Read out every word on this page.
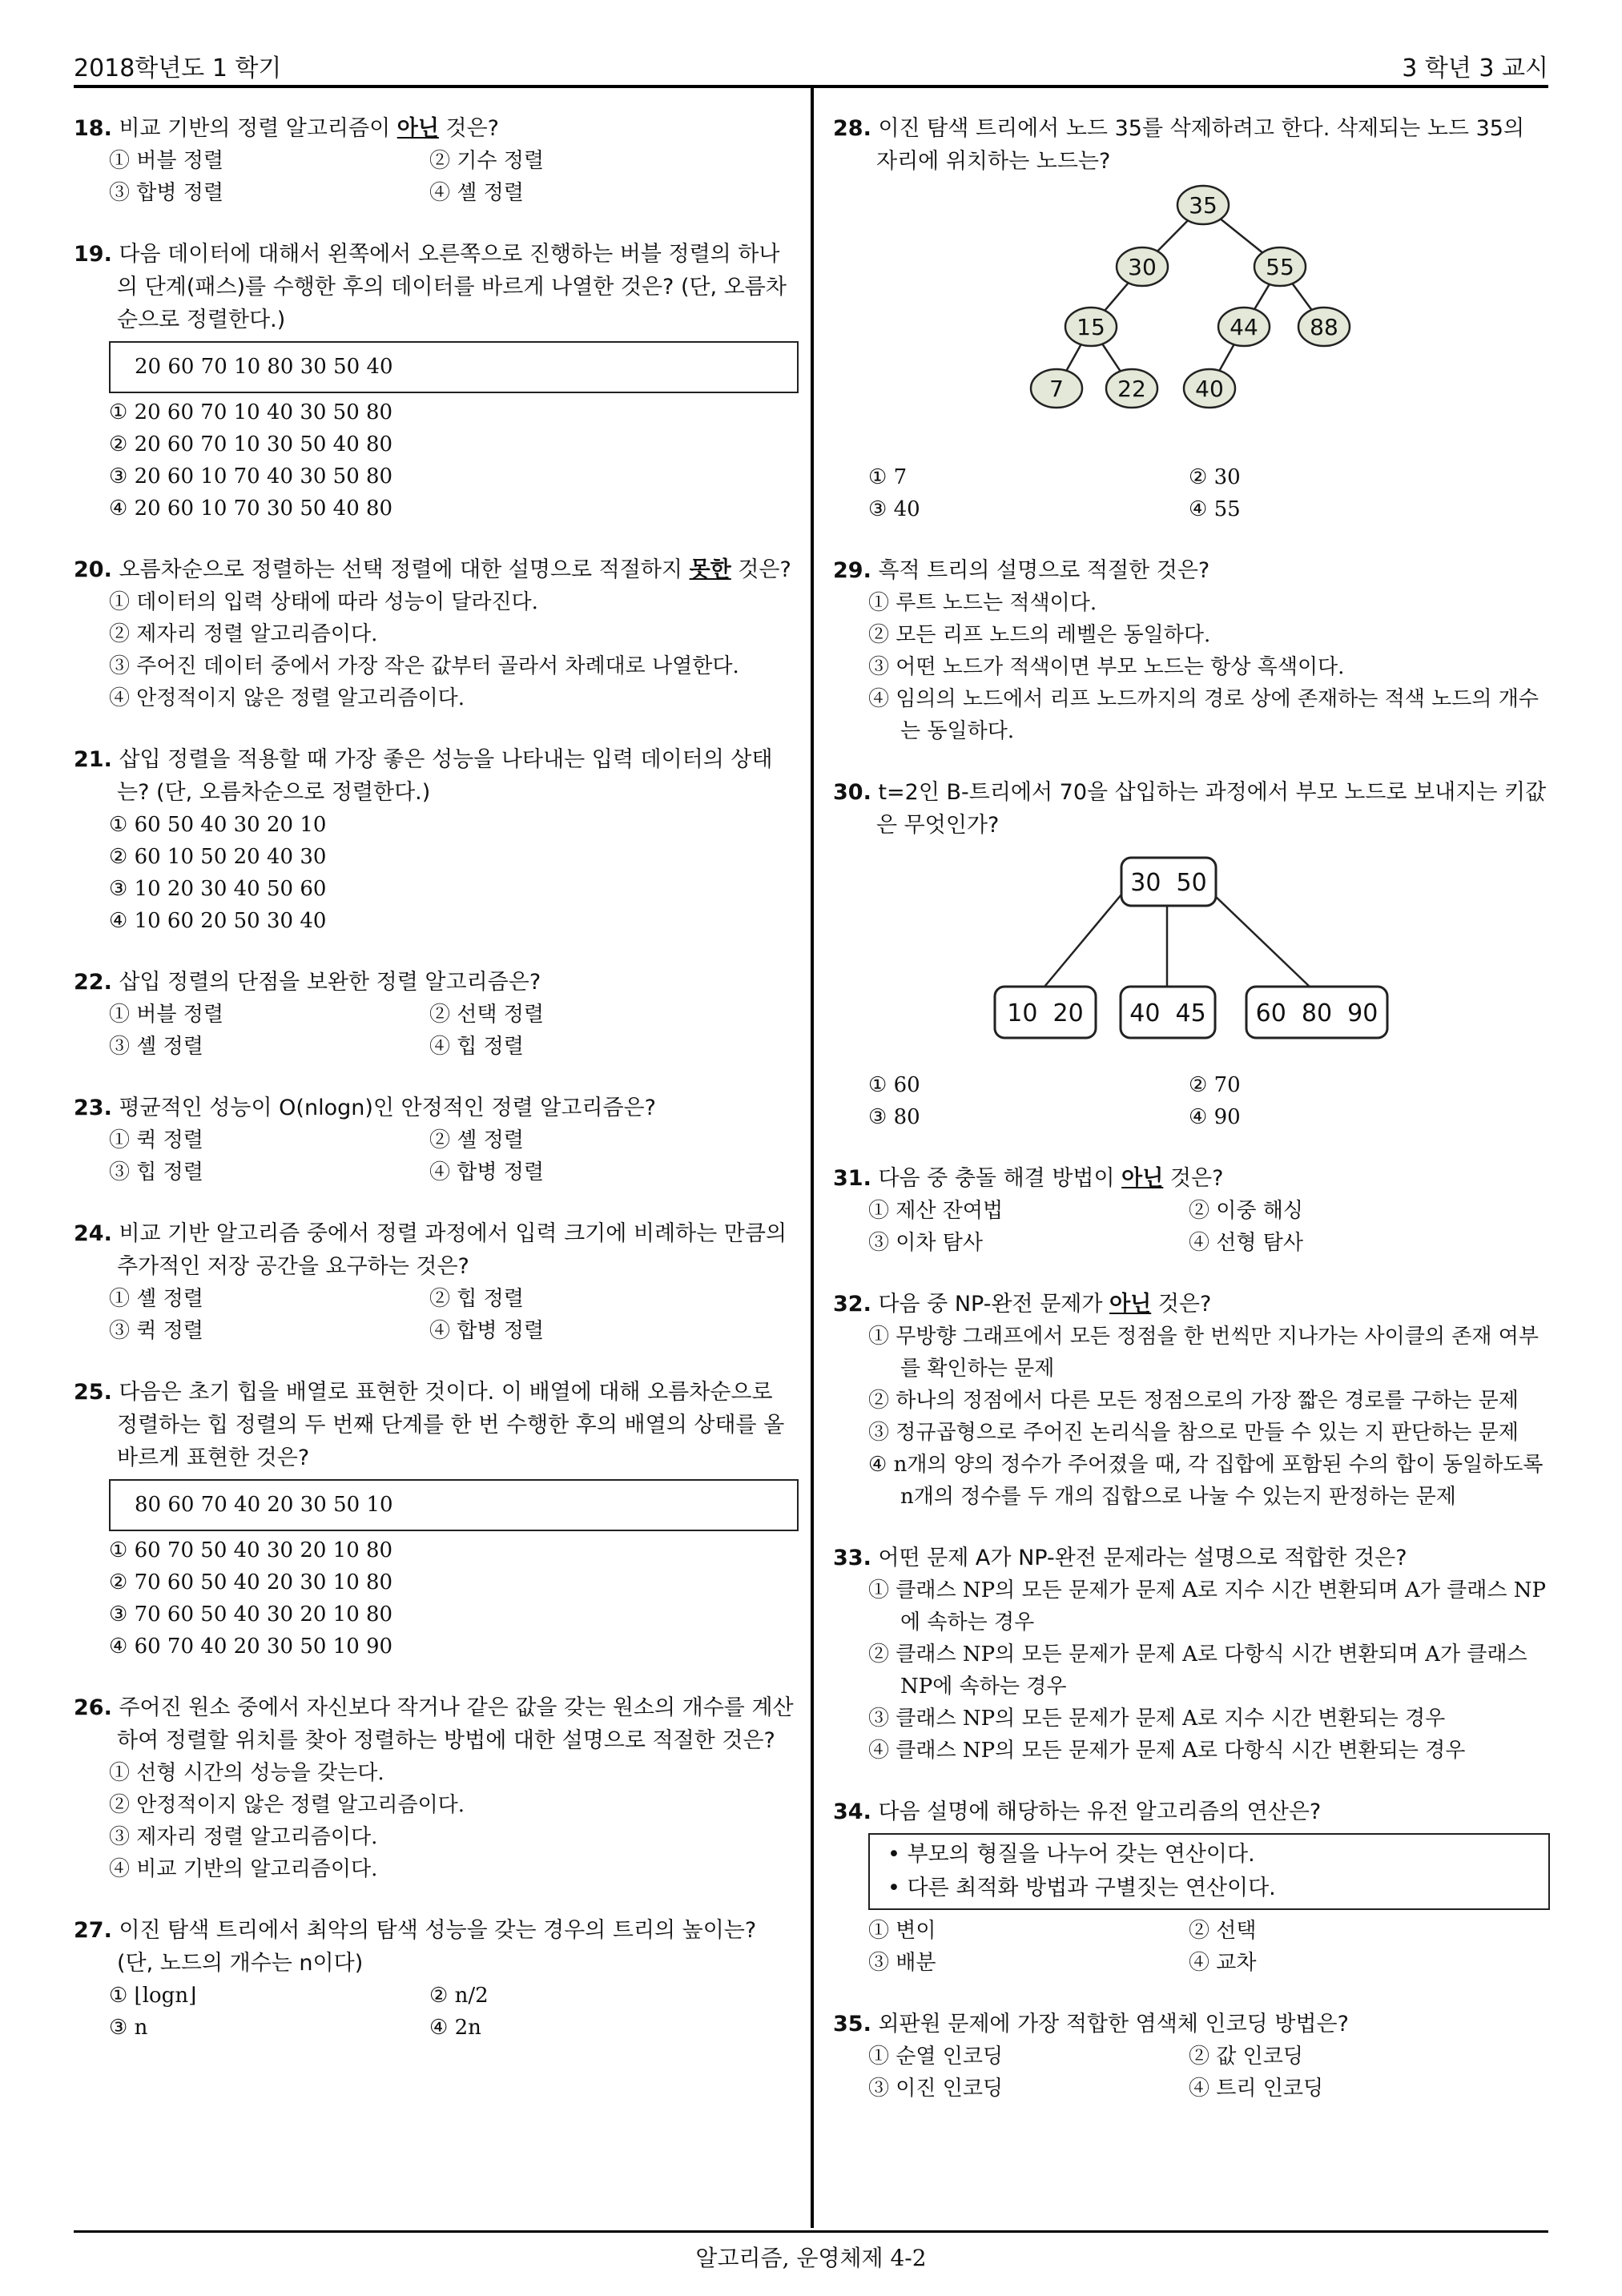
2018학년도 1 학기	3 학년 3 교시
18. 비교 기반의 정렬 알고리즘이 아닌 것은?
① 버블 정렬	② 기수 정렬
③ 합병 정렬	④ 셸 정렬
19. 다음 데이터에 대해서 왼쪽에서 오른쪽으로 진행하는 버블 정렬의 하나의 단계(패스)를 수행한 후의 데이터를 바르게 나열한 것은? (단, 오름차순으로 정렬한다.)
20 60 70 10 80 30 50 40
① 20 60 70 10 40 30 50 80
② 20 60 70 10 30 50 40 80
③ 20 60 10 70 40 30 50 80
④ 20 60 10 70 30 50 40 80
20. 오름차순으로 정렬하는 선택 정렬에 대한 설명으로 적절하지 못한 것은?
① 데이터의 입력 상태에 따라 성능이 달라진다.
② 제자리 정렬 알고리즘이다.
③ 주어진 데이터 중에서 가장 작은 값부터 골라서 차례대로 나열한다.
④ 안정적이지 않은 정렬 알고리즘이다.
21. 삽입 정렬을 적용할 때 가장 좋은 성능을 나타내는 입력 데이터의 상태는? (단, 오름차순으로 정렬한다.)
① 60 50 40 30 20 10
② 60 10 50 20 40 30
③ 10 20 30 40 50 60
④ 10 60 20 50 30 40
22. 삽입 정렬의 단점을 보완한 정렬 알고리즘은?
① 버블 정렬	② 선택 정렬
③ 셸 정렬	④ 힙 정렬
23. 평균적인 성능이 O(nlogn)인 안정적인 정렬 알고리즘은?
① 퀵 정렬	② 셸 정렬
③ 힙 정렬	④ 합병 정렬
24. 비교 기반 알고리즘 중에서 정렬 과정에서 입력 크기에 비례하는 만큼의 추가적인 저장 공간을 요구하는 것은?
① 셸 정렬	② 힙 정렬
③ 퀵 정렬	④ 합병 정렬
25. 다음은 초기 힙을 배열로 표현한 것이다. 이 배열에 대해 오름차순으로 정렬하는 힙 정렬의 두 번째 단계를 한 번 수행한 후의 배열의 상태를 올바르게 표현한 것은?
80 60 70 40 20 30 50 10
① 60 70 50 40 30 20 10 80
② 70 60 50 40 20 30 10 80
③ 70 60 50 40 30 20 10 80
④ 60 70 40 20 30 50 10 90
26. 주어진 원소 중에서 자신보다 작거나 같은 값을 갖는 원소의 개수를 계산하여 정렬할 위치를 찾아 정렬하는 방법에 대한 설명으로 적절한 것은?
① 선형 시간의 성능을 갖는다.
② 안정적이지 않은 정렬 알고리즘이다.
③ 제자리 정렬 알고리즘이다.
④ 비교 기반의 알고리즘이다.
27. 이진 탐색 트리에서 최악의 탐색 성능을 갖는 경우의 트리의 높이는? (단, 노드의 개수는 n이다)
① ⌊logn⌋	② n/2
③ n	④ 2n
28. 이진 탐색 트리에서 노드 35를 삭제하려고 한다. 삭제되는 노드 35의 자리에 위치하는 노드는?
35
30	55
15	44 88
7 22 40
① 7	② 30
③ 40	④ 55
29. 흑적 트리의 설명으로 적절한 것은?
① 루트 노드는 적색이다.
② 모든 리프 노드의 레벨은 동일하다.
③ 어떤 노드가 적색이면 부모 노드는 항상 흑색이다.
④ 임의의 노드에서 리프 노드까지의 경로 상에 존재하는 적색 노드의 개수는 동일하다.
30. t=2인 B-트리에서 70을 삽입하는 과정에서 부모 노드로 보내지는 키값은 무엇인가?
30  50
10  20 40  45 60  80  90
① 60	② 70
③ 80	④ 90
31. 다음 중 충돌 해결 방법이 아닌 것은?
① 제산 잔여법	② 이중 해싱
③ 이차 탐사	④ 선형 탐사
32. 다음 중 NP-완전 문제가 아닌 것은?
① 무방향 그래프에서 모든 정점을 한 번씩만 지나가는 사이클의 존재 여부를 확인하는 문제
② 하나의 정점에서 다른 모든 정점으로의 가장 짧은 경로를 구하는 문제
③ 정규곱형으로 주어진 논리식을 참으로 만들 수 있는 지 판단하는 문제
④ n개의 양의 정수가 주어졌을 때, 각 집합에 포함된 수의 합이 동일하도록 n개의 정수를 두 개의 집합으로 나눌 수 있는지 판정하는 문제
33. 어떤 문제 A가 NP-완전 문제라는 설명으로 적합한 것은?
① 클래스 NP의 모든 문제가 문제 A로 지수 시간 변환되며 A가 클래스 NP에 속하는 경우
② 클래스 NP의 모든 문제가 문제 A로 다항식 시간 변환되며 A가 클래스 NP에 속하는 경우
③ 클래스 NP의 모든 문제가 문제 A로 지수 시간 변환되는 경우
④ 클래스 NP의 모든 문제가 문제 A로 다항식 시간 변환되는 경우
34. 다음 설명에 해당하는 유전 알고리즘의 연산은?
• 부모의 형질을 나누어 갖는 연산이다.
• 다른 최적화 방법과 구별짓는 연산이다.
① 변이	② 선택
③ 배분	④ 교차
35. 외판원 문제에 가장 적합한 염색체 인코딩 방법은?
① 순열 인코딩	② 값 인코딩
③ 이진 인코딩	④ 트리 인코딩
알고리즘, 운영체제 4-2
